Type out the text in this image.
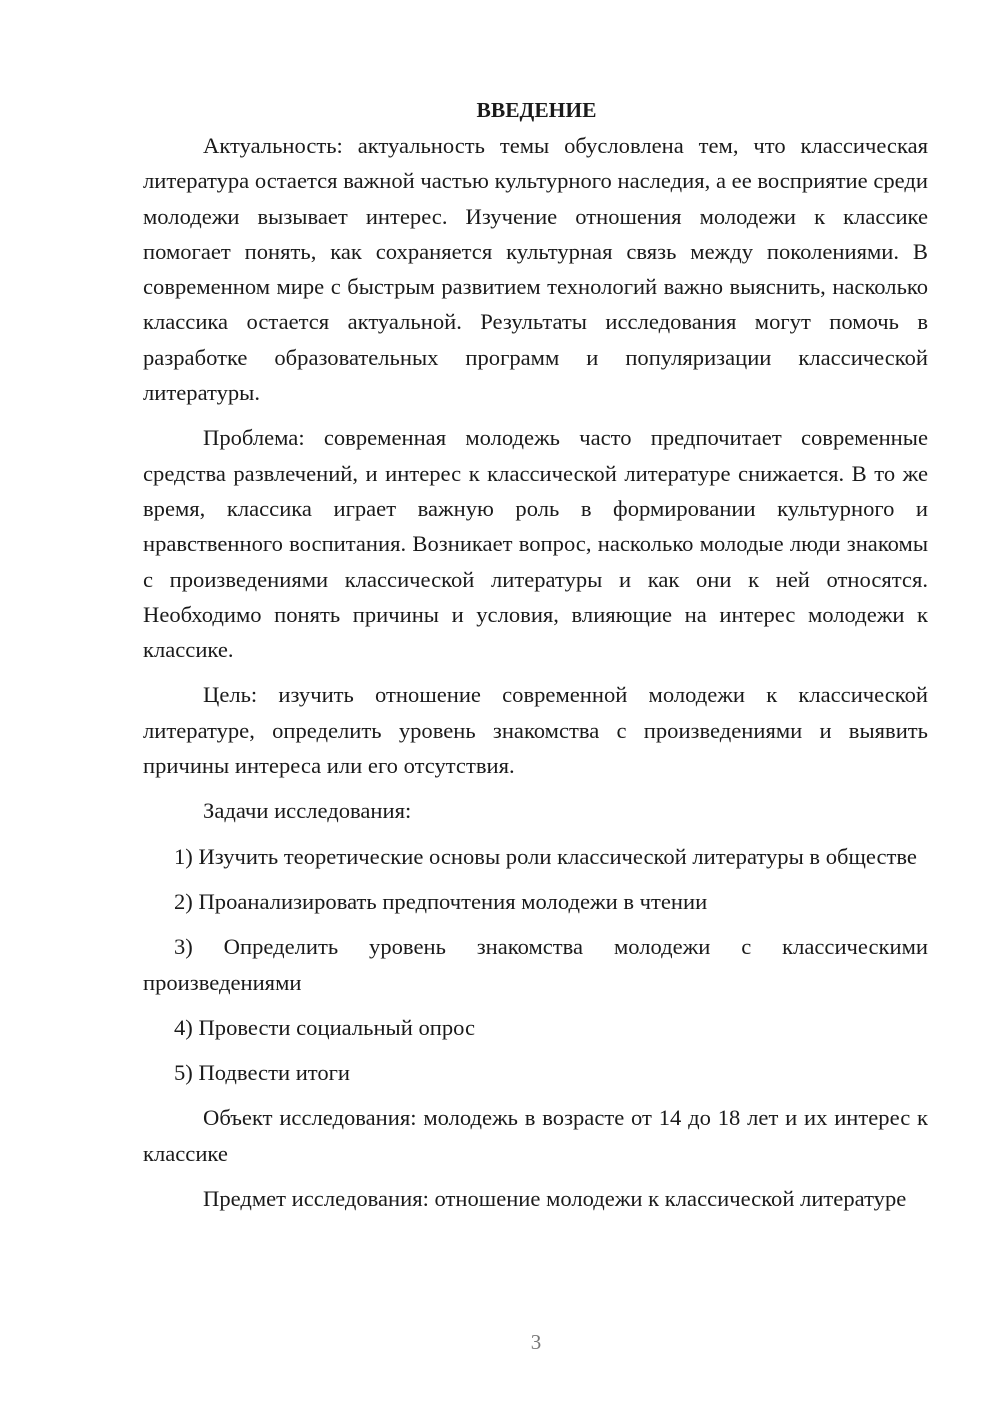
ВВЕДЕНИЕ

Актуальность: актуальность темы обусловлена тем, что классическая литература остается важной частью культурного наследия, а ее восприятие среди молодежи вызывает интерес. Изучение отношения молодежи к классике помогает понять, как сохраняется культурная связь между поколениями. В современном мире с быстрым развитием технологий важно выяснить, насколько классика остается актуальной. Результаты исследования могут помочь в разработке образовательных программ и популяризации классической литературы.

Проблема: современная молодежь часто предпочитает современные средства развлечений, и интерес к классической литературе снижается. В то же время, классика играет важную роль в формировании культурного и нравственного воспитания. Возникает вопрос, насколько молодые люди знакомы с произведениями классической литературы и как они к ней относятся. Необходимо понять причины и условия, влияющие на интерес молодежи к классике.

Цель: изучить отношение современной молодежи к классической литературе, определить уровень знакомства с произведениями и выявить причины интереса или его отсутствия.

Задачи исследования:

1) Изучить теоретические основы роли классической литературы в обществе

2) Проанализировать предпочтения молодежи в чтении

3) Определить уровень знакомства молодежи с классическими произведениями

4) Провести социальный опрос

5) Подвести итоги

Объект исследования: молодежь в возрасте от 14 до 18 лет и их интерес к классике

Предмет исследования: отношение молодежи к классической литературе

3
